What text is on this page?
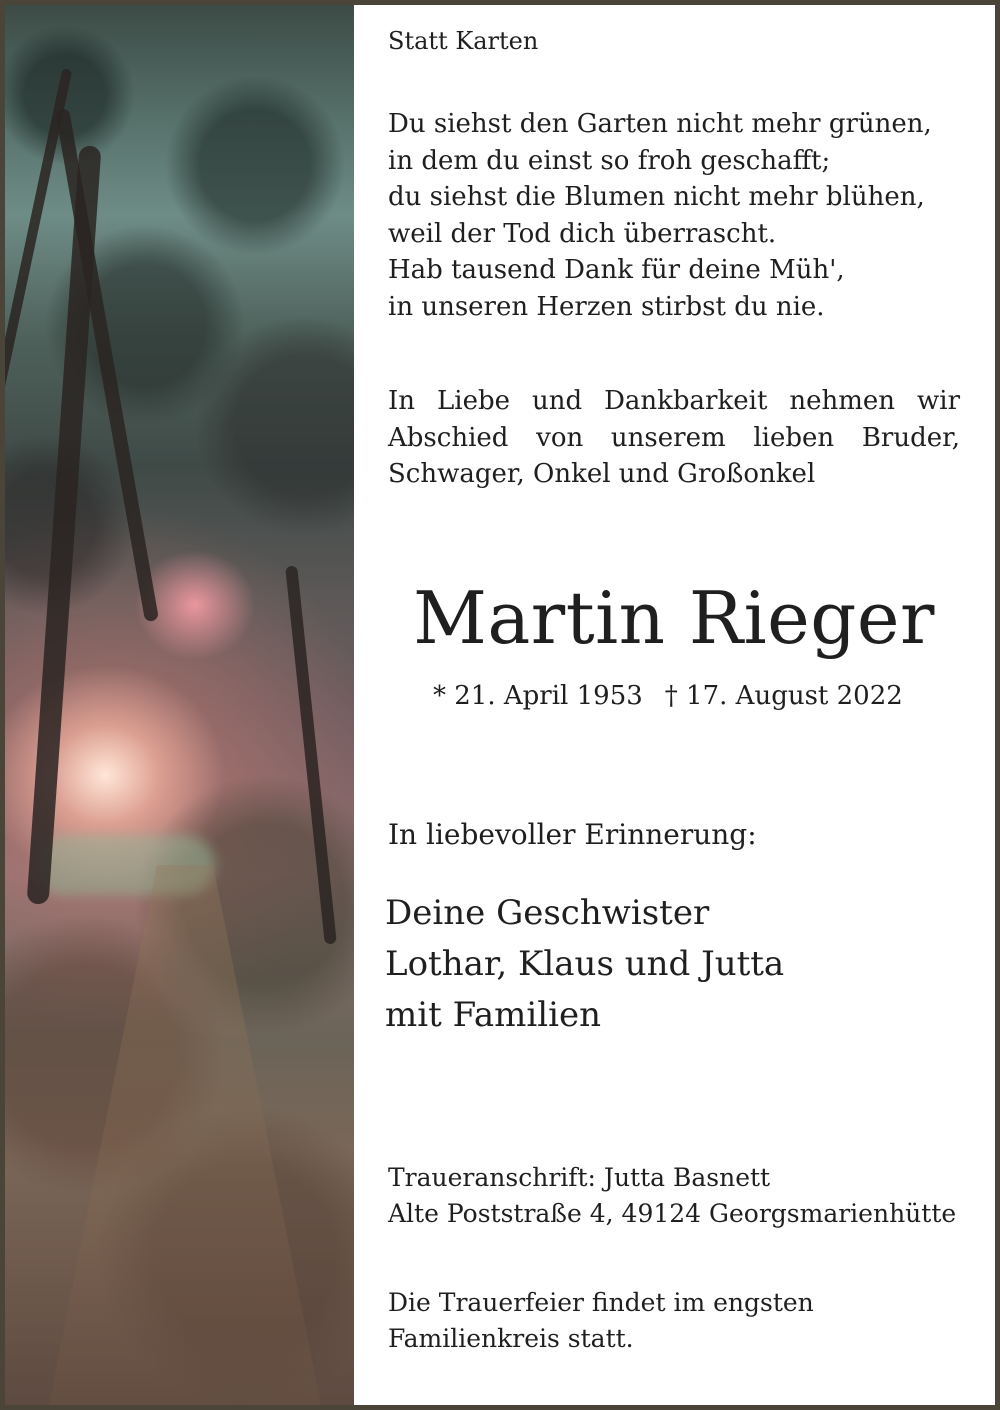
Statt Karten

Du siehst den Garten nicht mehr grünen,
in dem du einst so froh geschafft;
du siehst die Blumen nicht mehr blühen,
weil der Tod dich überrascht.
Hab tausend Dank für deine Müh',
in unseren Herzen stirbst du nie.
In Liebe und Dankbarkeit nehmen wir
Abschied von unserem lieben Bruder,
Schwager, Onkel und Großonkel
Martin Rieger

* 21. April 1953 † 17. August 2022

In liebevoller Erinnerung:

Deine Geschwister
Lothar, Klaus und Jutta
mit Familien
Traueranschrift: Jutta Basnett
Alte Poststraße 4, 49124 Georgsmarienhütte
Die Trauerfeier findet im engsten
Familienkreis statt.
